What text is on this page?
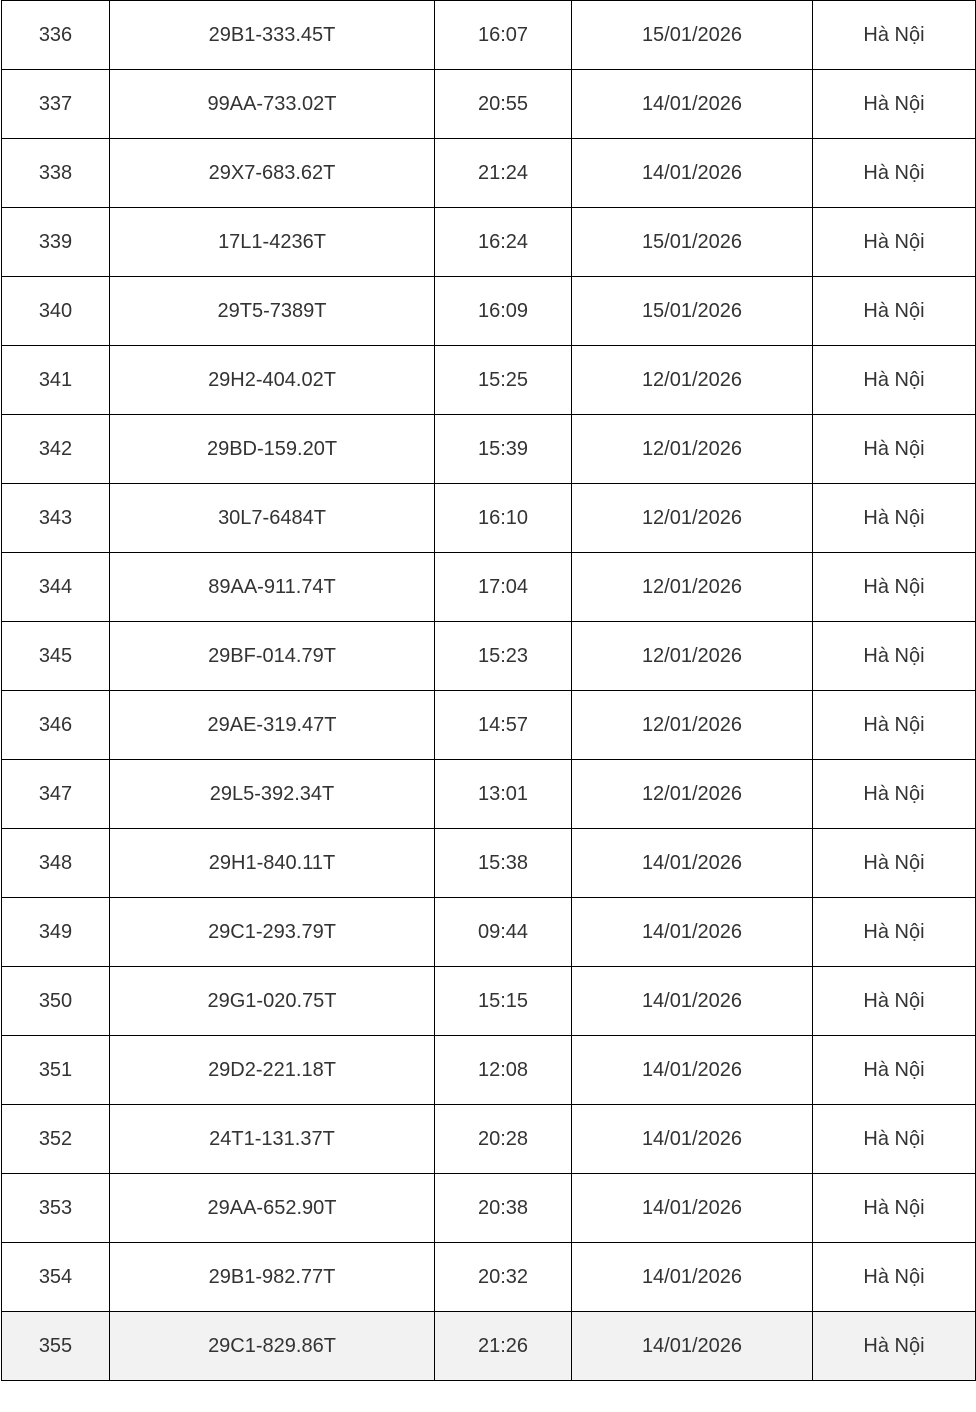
336	29B1-333.45T	16:07	15/01/2026	Hà Nội
337	99AA-733.02T	20:55	14/01/2026	Hà Nội
338	29X7-683.62T	21:24	14/01/2026	Hà Nội
339	17L1-4236T	16:24	15/01/2026	Hà Nội
340	29T5-7389T	16:09	15/01/2026	Hà Nội
341	29H2-404.02T	15:25	12/01/2026	Hà Nội
342	29BD-159.20T	15:39	12/01/2026	Hà Nội
343	30L7-6484T	16:10	12/01/2026	Hà Nội
344	89AA-911.74T	17:04	12/01/2026	Hà Nội
345	29BF-014.79T	15:23	12/01/2026	Hà Nội
346	29AE-319.47T	14:57	12/01/2026	Hà Nội
347	29L5-392.34T	13:01	12/01/2026	Hà Nội
348	29H1-840.11T	15:38	14/01/2026	Hà Nội
349	29C1-293.79T	09:44	14/01/2026	Hà Nội
350	29G1-020.75T	15:15	14/01/2026	Hà Nội
351	29D2-221.18T	12:08	14/01/2026	Hà Nội
352	24T1-131.37T	20:28	14/01/2026	Hà Nội
353	29AA-652.90T	20:38	14/01/2026	Hà Nội
354	29B1-982.77T	20:32	14/01/2026	Hà Nội
355	29C1-829.86T	21:26	14/01/2026	Hà Nội
